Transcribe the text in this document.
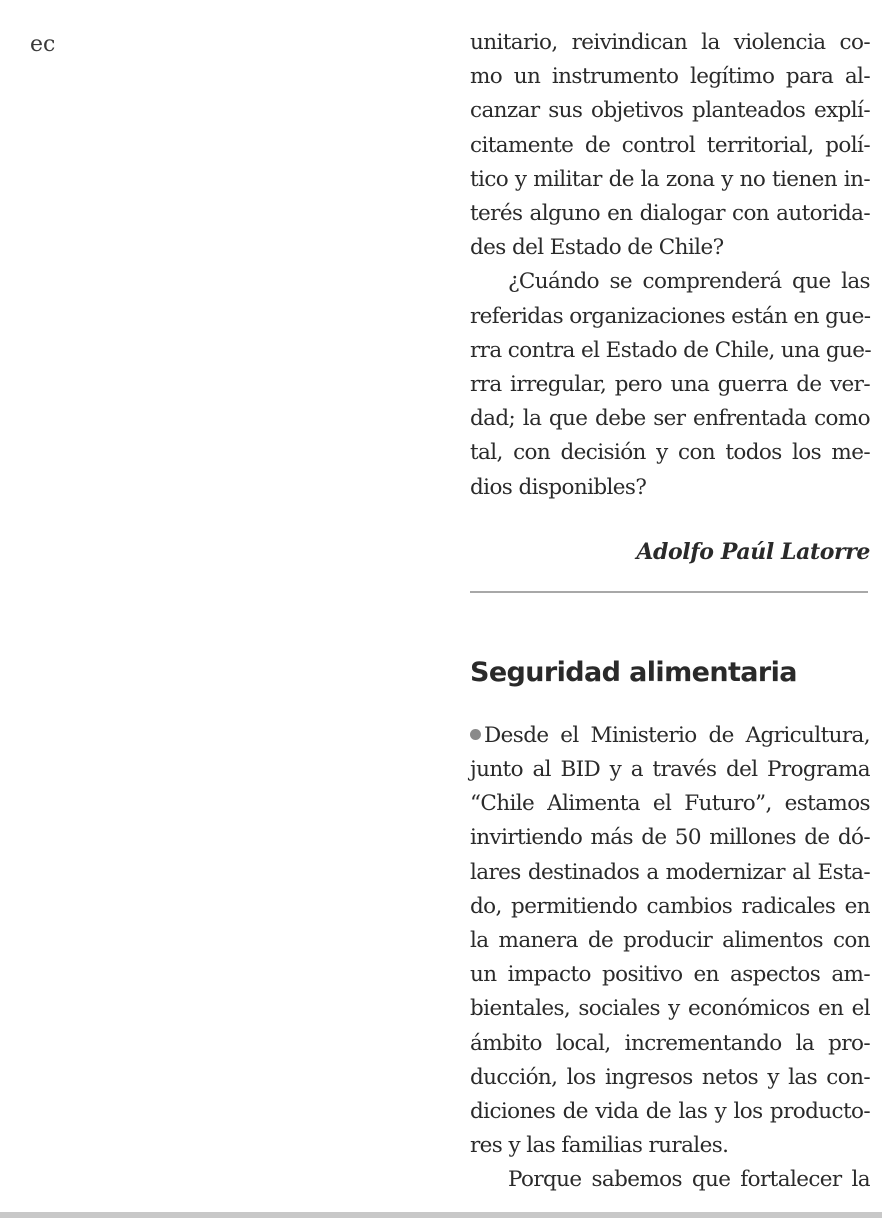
ec	unitario, reivindican la violencia co-
mo un instrumento legítimo para al-
canzar sus objetivos planteados explí-
citamente de control territorial, polí-
tico y militar de la zona y no tienen in-
terés alguno en dialogar con autorida-
des del Estado de Chile?
¿Cuándo se comprenderá que las
referidas organizaciones están en gue-
rra contra el Estado de Chile, una gue-
rra irregular, pero una guerra de ver-
dad; la que debe ser enfrentada como
tal, con decisión y con todos los me-
dios disponibles?
Adolfo Paúl Latorre
Seguridad alimentaria
Desde el Ministerio de Agricultura,
junto al BID y a través del Programa
“Chile Alimenta el Futuro”, estamos
invirtiendo más de 50 millones de dó-
lares destinados a modernizar al Esta-
do, permitiendo cambios radicales en
la manera de producir alimentos con
un impacto positivo en aspectos am-
bientales, sociales y económicos en el
ámbito local, incrementando la pro-
ducción, los ingresos netos y las con-
diciones de vida de las y los producto-
res y las familias rurales.
Porque sabemos que fortalecer la
